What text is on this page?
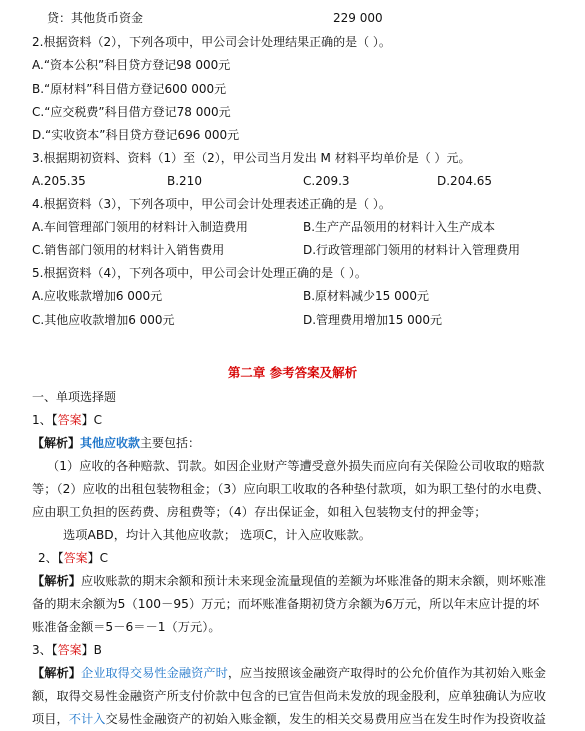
贷：其他货币资金	229 000
2.根据资料（2），下列各项中，甲公司会计处理结果正确的是（ ）。
A.“资本公积”科目贷方登记98 000元
B.“原材料”科目借方登记600 000元
C.“应交税费”科目借方登记78 000元
D.“实收资本”科目贷方登记696 000元
3.根据期初资料、资料（1）至（2），甲公司当月发出 M 材料平均单价是（ ）元。
A.205.35	B.210	C.209.3	D.204.65
4.根据资料（3），下列各项中，甲公司会计处理表述正确的是（ ）。
A.车间管理部门领用的材料计入制造费用	B.生产产品领用的材料计入生产成本
C.销售部门领用的材料计入销售费用	D.行政管理部门领用的材料计入管理费用
5.根据资料（4），下列各项中，甲公司会计处理正确的是（ ）。
A.应收账款增加6 000元	B.原材料减少15 000元
C.其他应收款增加6 000元	D.管理费用增加15 000元
第二章 参考答案及解析
一、单项选择题
1、【答案】C
【解析】其他应收款主要包括：
（1）应收的各种赔款、罚款。如因企业财产等遭受意外损失而应向有关保险公司收取的赔款
等；（2）应收的出租包装物租金；（3）应向职工收取的各种垫付款项，如为职工垫付的水电费、
应由职工负担的医药费、房租费等；（4）存出保证金，如租入包装物支付的押金等；
选项ABD，均计入其他应收款； 选项C，计入应收账款。
2、【答案】C
【解析】应收账款的期末余额和预计未来现金流量现值的差额为坏账准备的期末余额，则坏账准
备的期末余额为5（100－95）万元；而坏账准备期初贷方余额为6万元，所以年末应计提的坏
账准备金额＝5－6＝－1（万元）。
3、【答案】B
【解析】企业取得交易性金融资产时，应当按照该金融资产取得时的公允价值作为其初始入账金
额，取得交易性金融资产所支付价款中包含的已宣告但尚未发放的现金股利，应单独确认为应收
项目，不计入交易性金融资产的初始入账金额，发生的相关交易费用应当在发生时作为投资收益
